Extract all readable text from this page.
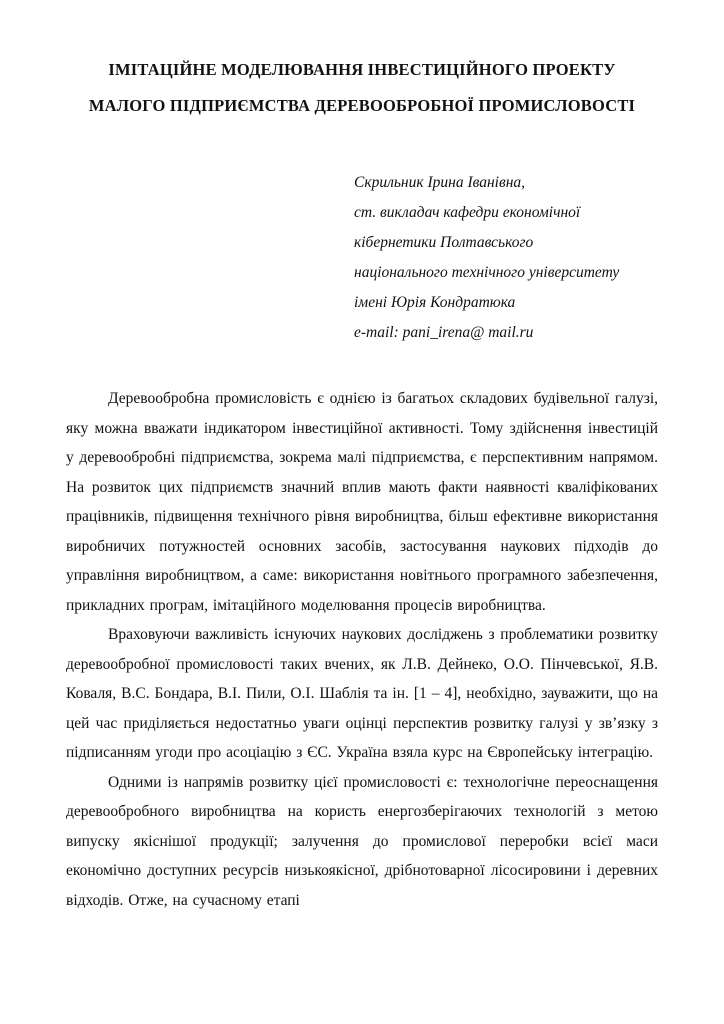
ІМІТАЦІЙНЕ МОДЕЛЮВАННЯ ІНВЕСТИЦІЙНОГО ПРОЕКТУ
МАЛОГО ПІДПРИЄМСТВА ДЕРЕВООБРОБНОЇ ПРОМИСЛОВОСТІ
Скрильник Ірина Іванівна,
ст. викладач кафедри економічної
кібернетики Полтавського
національного технічного університету
імені Юрія Кондратюка
e-mail: pani_irena@ mail.ru

Деревообробна промисловість є однією із багатьох складових будівельної галузі, яку можна вважати індикатором інвестиційної активності. Тому здійснення інвестицій у деревообробні підприємства, зокрема малі підприємства, є перспективним напрямом. На розвиток цих підприємств значний вплив мають факти наявності кваліфікованих працівників, підвищення технічного рівня виробництва, більш ефективне використання виробничих потужностей основних засобів, застосування наукових підходів до управління виробництвом, а саме: використання новітнього програмного забезпечення, прикладних програм, імітаційного моделювання процесів виробництва.

Враховуючи важливість існуючих наукових досліджень з проблематики розвитку деревообробної промисловості таких вчених, як Л.В. Дейнеко, О.О. Пінчевської, Я.В. Коваля, В.С. Бондара, В.І. Пили, О.І. Шаблія та ін. [1 – 4], необхідно, зауважити, що на цей час приділяється недостатньо уваги оцінці перспектив розвитку галузі у зв’язку з підписанням угоди про асоціацію з ЄС. Україна взяла курс на Європейську інтеграцію.

Одними із напрямів розвитку цієї промисловості є: технологічне переоснащення деревообробного виробництва на користь енергозберігаючих технологій з метою випуску якіснішої продукції; залучення до промислової переробки всієї маси економічно доступних ресурсів низькоякісної, дрібнотоварної лісосировини і деревних відходів. Отже, на сучасному етапі
